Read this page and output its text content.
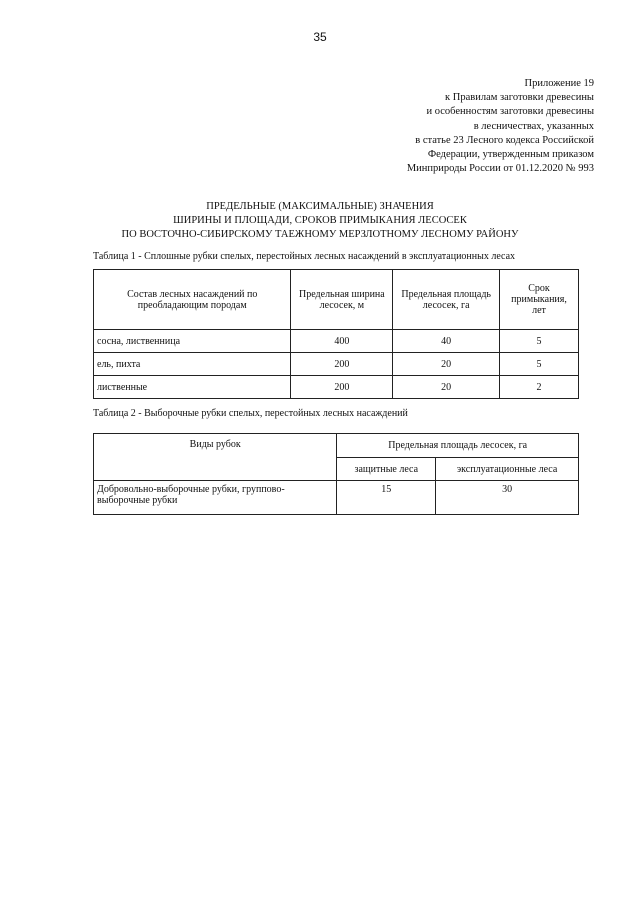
35
Приложение 19
к Правилам заготовки древесины
и особенностям заготовки древесины
в лесничествах, указанных
в статье 23 Лесного кодекса Российской
Федерации, утвержденным приказом
Минприроды России от 01.12.2020 № 993
ПРЕДЕЛЬНЫЕ (МАКСИМАЛЬНЫЕ) ЗНАЧЕНИЯ
ШИРИНЫ И ПЛОЩАДИ, СРОКОВ ПРИМЫКАНИЯ ЛЕСОСЕК
ПО ВОСТОЧНО-СИБИРСКОМУ ТАЕЖНОМУ МЕРЗЛОТНОМУ ЛЕСНОМУ РАЙОНУ
Таблица 1 - Сплошные рубки спелых, перестойных лесных насаждений в эксплуатационных лесах
Состав лесных насаждений по преобладающим породам	Предельная ширина лесосек, м	Предельная площадь лесосек, га	Срок примыкания, лет
сосна, лиственница	400	40	5
ель, пихта	200	20	5
лиственные	200	20	2
Таблица 2 - Выборочные рубки спелых, перестойных лесных насаждений
Виды рубок	Предельная площадь лесосек, га	
	защитные леса	эксплуатационные леса
Добровольно-выборочные рубки, группово-выборочные рубки	15	30
